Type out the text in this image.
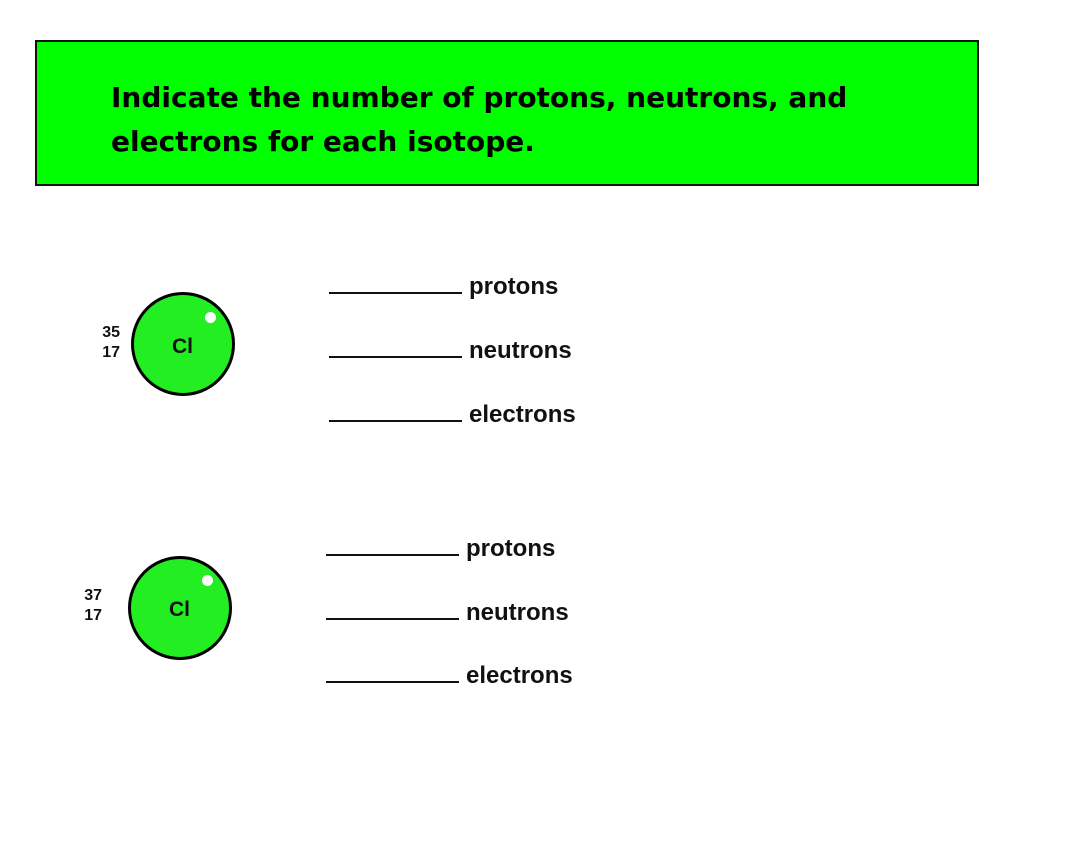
Indicate the number of protons, neutrons, and
electrons for each isotope.
35
17	Cl
protons
neutrons
electrons
37
17	Cl
protons
neutrons
electrons
